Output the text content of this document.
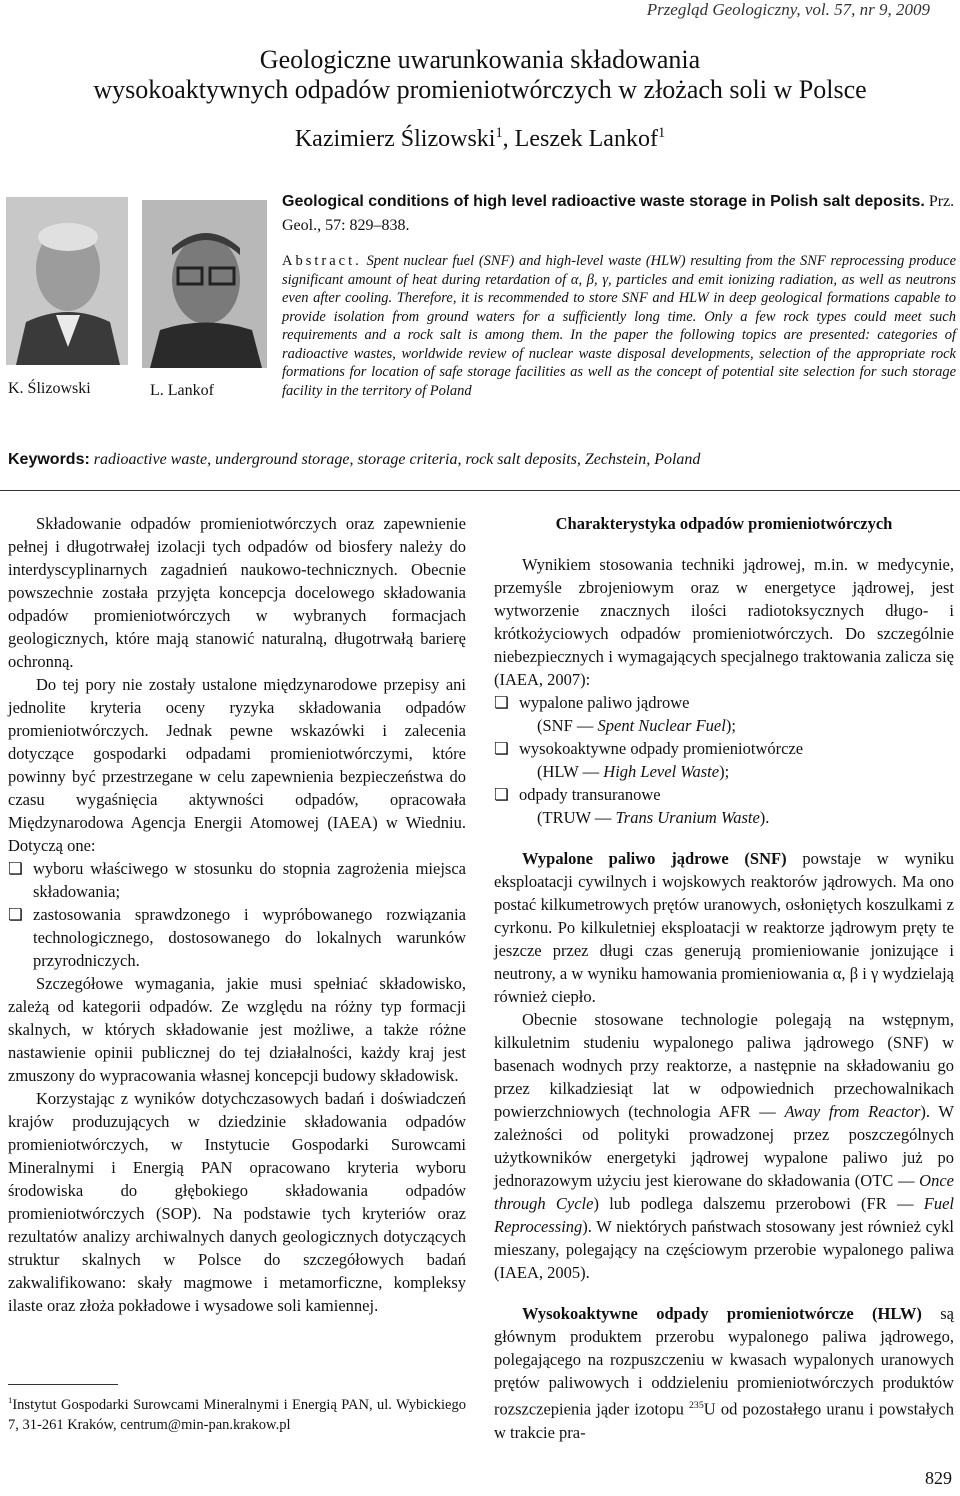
Przegląd Geologiczny, vol. 57, nr 9, 2009
Geologiczne uwarunkowania składowania
wysokoaktywnych odpadów promieniotwórczych w złożach soli w Polsce
Kazimierz Ślizowski$^1$, Leszek Lankof$^1$
K. Ślizowski	L. Lankof
Geological conditions of high level radioactive waste storage in Polish salt deposits. Prz. Geol., 57: 829–838.
Abstract. Spent nuclear fuel (SNF) and high-level waste (HLW) resulting from the SNF reprocessing produce significant amount of heat during retardation of α, β, γ, particles and emit ionizing radiation, as well as neutrons even after cooling. Therefore, it is recommended to store SNF and HLW in deep geological formations capable to provide isolation from ground waters for a sufficiently long time. Only a few rock types could meet such requirements and a rock salt is among them. In the paper the following topics are presented: categories of radioactive wastes, worldwide review of nuclear waste disposal developments, selection of the appropriate rock formations for location of safe storage facilities as well as the concept of potential site selection for such storage facility in the territory of Poland
Keywords: radioactive waste, underground storage, storage criteria, rock salt deposits, Zechstein, Poland

Składowanie odpadów promieniotwórczych oraz zapewnienie pełnej i długotrwałej izolacji tych odpadów od biosfery należy do interdyscyplinarnych zagadnień naukowo-technicznych. Obecnie powszechnie została przyjęta koncepcja docelowego składowania odpadów promieniotwórczych w wybranych formacjach geologicznych, które mają stanowić naturalną, długotrwałą barierę ochronną.

Do tej pory nie zostały ustalone międzynarodowe przepisy ani jednolite kryteria oceny ryzyka składowania odpadów promieniotwórczych. Jednak pewne wskazówki i zalecenia dotyczące gospodarki odpadami promieniotwórczymi, które powinny być przestrzegane w celu zapewnienia bezpieczeństwa do czasu wygaśnięcia aktywności odpadów, opracowała Międzynarodowa Agencja Energii Atomowej (IAEA) w Wiedniu. Dotyczą one:

❏ wyboru właściwego w stosunku do stopnia zagrożenia miejsca składowania;
❏ zastosowania sprawdzonego i wypróbowanego rozwiązania technologicznego, dostosowanego do lokalnych warunków przyrodniczych.

Szczegółowe wymagania, jakie musi spełniać składowisko, zależą od kategorii odpadów. Ze względu na różny typ formacji skalnych, w których składowanie jest możliwe, a także różne nastawienie opinii publicznej do tej działalności, każdy kraj jest zmuszony do wypracowania własnej koncepcji budowy składowisk.

Korzystając z wyników dotychczasowych badań i doświadczeń krajów produzujących w dziedzinie składowania odpadów promieniotwórczych, w Instytucie Gospodarki Surowcami Mineralnymi i Energią PAN opracowano kryteria wyboru środowiska do głębokiego składowania odpadów promieniotwórczych (SOP). Na podstawie tych kryteriów oraz rezultatów analizy archiwalnych danych geologicznych dotyczących struktur skalnych w Polsce do szczegółowych badań zakwalifikowano: skały magmowe i metamorficzne, kompleksy ilaste oraz złoża pokładowe i wysadowe soli kamiennej.

$^1$Instytut Gospodarki Surowcami Mineralnymi i Energią PAN, ul. Wybickiego 7, 31-261 Kraków, centrum@min-pan.krakow.pl
Charakterystyka odpadów promieniotwórczych

Wynikiem stosowania techniki jądrowej, m.in. w medycynie, przemyśle zbrojeniowym oraz w energetyce jądrowej, jest wytworzenie znacznych ilości radiotoksycznych długo- i krótkożyciowych odpadów promieniotwórczych. Do szczególnie niebezpiecznych i wymagających specjalnego traktowania zalicza się (IAEA, 2007):

❏ wypalone paliwo jądrowe
(SNF — Spent Nuclear Fuel);
❏ wysokoaktywne odpady promieniotwórcze
(HLW — High Level Waste);
❏ odpady transuranowe
(TRUW — Trans Uranium Waste).

Wypalone paliwo jądrowe (SNF) powstaje w wyniku eksploatacji cywilnych i wojskowych reaktorów jądrowych. Ma ono postać kilkumetrowych prętów uranowych, osłoniętych koszulkami z cyrkonu. Po kilkuletniej eksploatacji w reaktorze jądrowym pręty te jeszcze przez długi czas generują promieniowanie jonizujące i neutrony, a w wyniku hamowania promieniowania α, β i γ wydzielają również ciepło.

Obecnie stosowane technologie polegają na wstępnym, kilkuletnim studeniu wypalonego paliwa jądrowego (SNF) w basenach wodnych przy reaktorze, a następnie na składowaniu go przez kilkadziesiąt lat w odpowiednich przechowalnikach powierzchniowych (technologia AFR — Away from Reactor). W zależności od polityki prowadzonej przez poszczególnych użytkowników energetyki jądrowej wypalone paliwo już po jednorazowym użyciu jest kierowane do składowania (OTC — Once through Cycle) lub podlega dalszemu przerobowi (FR — Fuel Reprocessing). W niektórych państwach stosowany jest również cykl mieszany, polegający na częściowym przerobie wypalonego paliwa (IAEA, 2005).

Wysokoaktywne odpady promieniotwórcze (HLW) są głównym produktem przerobu wypalonego paliwa jądrowego, polegającego na rozpuszczeniu w kwasach wypalonych uranowych prętów paliwowych i oddzieleniu promieniotwórczych produktów rozszczepienia jąder izotopu $^{235}$U od pozostałego uranu i powstałych w trakcie pra-

829
